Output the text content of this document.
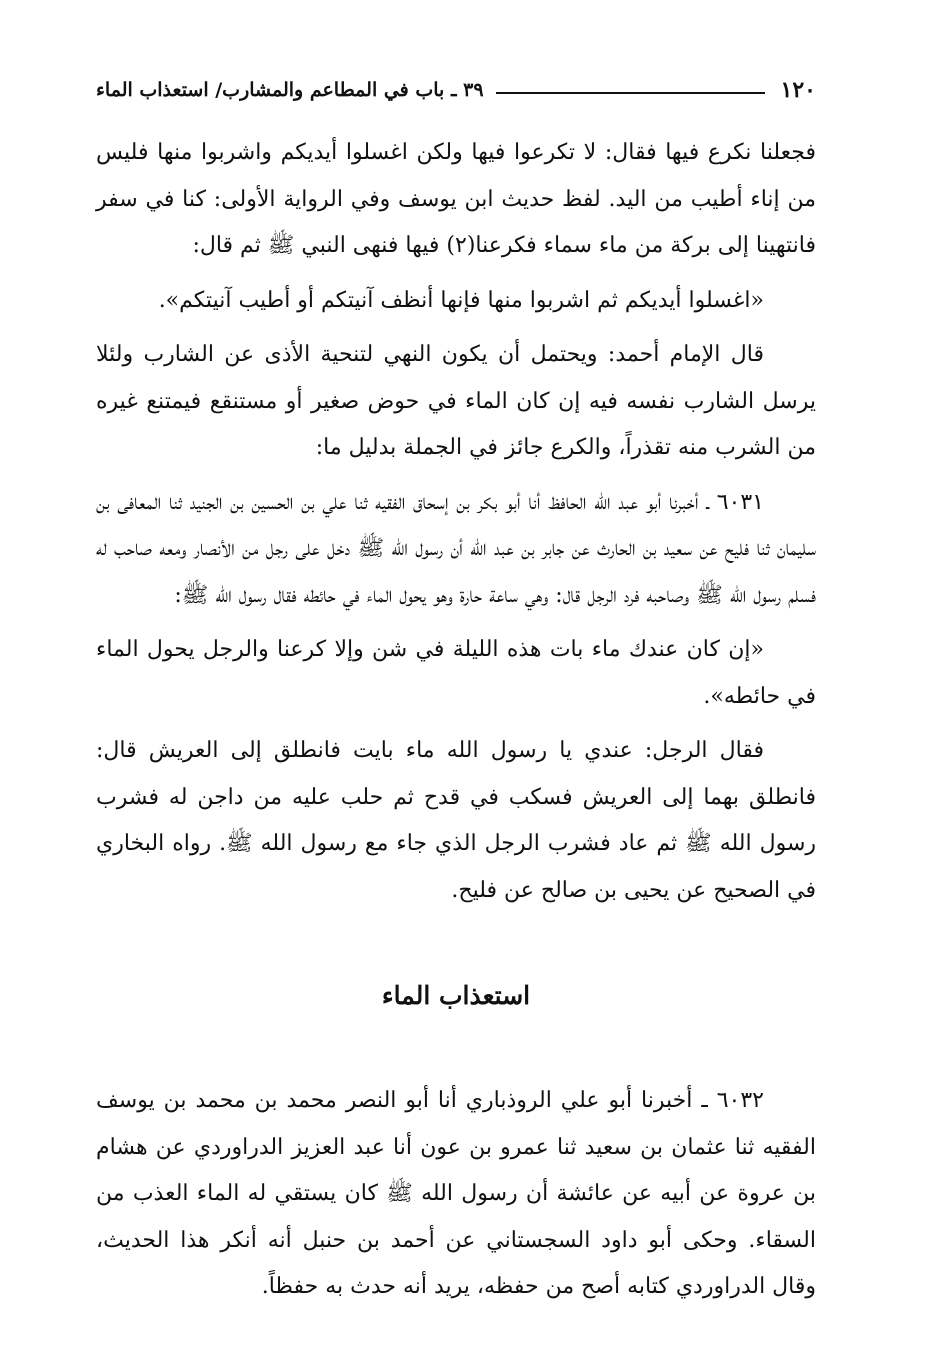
١٢٠
٣٩ ـ باب في المطاعم والمشارب/ استعذاب الماء

فجعلنا نكرع فيها فقال: لا تكرعوا فيها ولكن اغسلوا أيديكم واشربوا منها فليس من إناء أطيب من اليد. لفظ حديث ابن يوسف وفي الرواية الأولى: كنا في سفر فانتهينا إلى بركة من ماء سماء فكرعنا(٢) فيها فنهى النبي ﷺ ثم قال:

«اغسلوا أيديكم ثم اشربوا منها فإنها أنظف آنيتكم أو أطيب آنيتكم».

قال الإمام أحمد: ويحتمل أن يكون النهي لتنحية الأذى عن الشارب ولئلا يرسل الشارب نفسه فيه إن كان الماء في حوض صغير أو مستنقع فيمتنع غيره من الشرب منه تقذراً، والكرع جائز في الجملة بدليل ما:

٦٠٣١ ـ أخبرنا أبو عبد الله الحافظ أنا أبو بكر بن إسحاق الفقيه ثنا علي بن الحسين بن الجنيد ثنا المعافى بن سليمان ثنا فليح عن سعيد بن الحارث عن جابر بن عبد الله أن رسول الله ﷺ دخل على رجل من الأنصار ومعه صاحب له فسلم رسول الله ﷺ وصاحبه فرد الرجل قال: وهي ساعة حارة وهو يحول الماء في حائطه فقال رسول الله ﷺ:

«إن كان عندك ماء بات هذه الليلة في شن وإلا كرعنا والرجل يحول الماء في حائطه».

فقال الرجل: عندي يا رسول الله ماء بايت فانطلق إلى العريش قال: فانطلق بهما إلى العريش فسكب في قدح ثم حلب عليه من داجن له فشرب رسول الله ﷺ ثم عاد فشرب الرجل الذي جاء مع رسول الله ﷺ. رواه البخاري في الصحيح عن يحيى بن صالح عن فليح.

استعذاب الماء

٦٠٣٢ ـ أخبرنا أبو علي الروذباري أنا أبو النصر محمد بن محمد بن يوسف الفقيه ثنا عثمان بن سعيد ثنا عمرو بن عون أنا عبد العزيز الدراوردي عن هشام بن عروة عن أبيه عن عائشة أن رسول الله ﷺ كان يستقي له الماء العذب من السقاء. وحكى أبو داود السجستاني عن أحمد بن حنبل أنه أنكر هذا الحديث، وقال الدراوردي كتابه أصح من حفظه، يريد أنه حدث به حفظاً.
